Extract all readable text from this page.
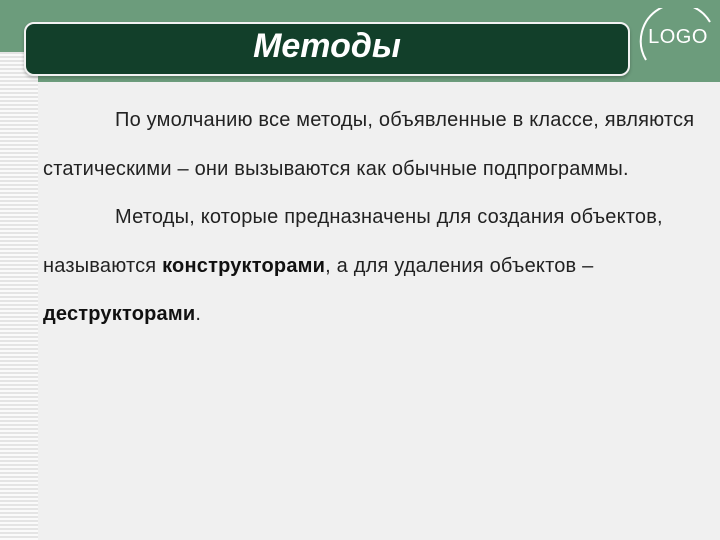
Методы	LOGO

По умолчанию все методы, объявленные в классе, являются статическими – они вызываются как обычные подпрограммы.

Методы, которые предназначены для создания объектов, называются конструкторами, а для удаления объектов – деструкторами.
